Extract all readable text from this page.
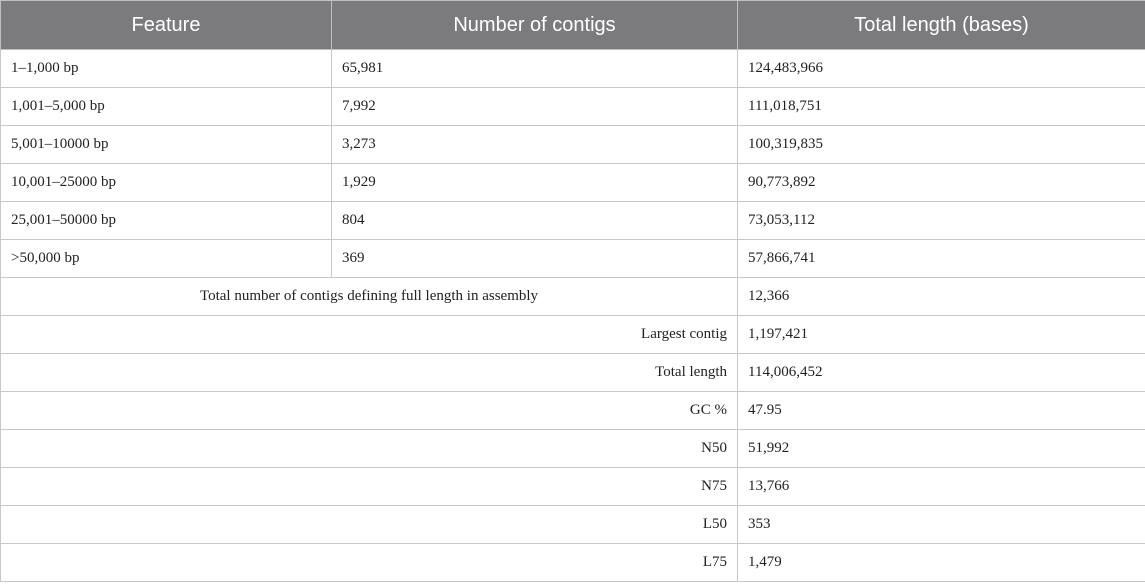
Feature	Number of contigs	Total length (bases)
1–1,000 bp	65,981	124,483,966
1,001–5,000 bp	7,992	111,018,751
5,001–10000 bp	3,273	100,319,835
10,001–25000 bp	1,929	90,773,892
25,001–50000 bp	804	73,053,112
>50,000 bp	369	57,866,741
Total number of contigs defining full length in assembly		12,366
Largest contig		1,197,421
Total length		114,006,452
GC %		47.95
N50		51,992
N75		13,766
L50		353
L75		1,479
